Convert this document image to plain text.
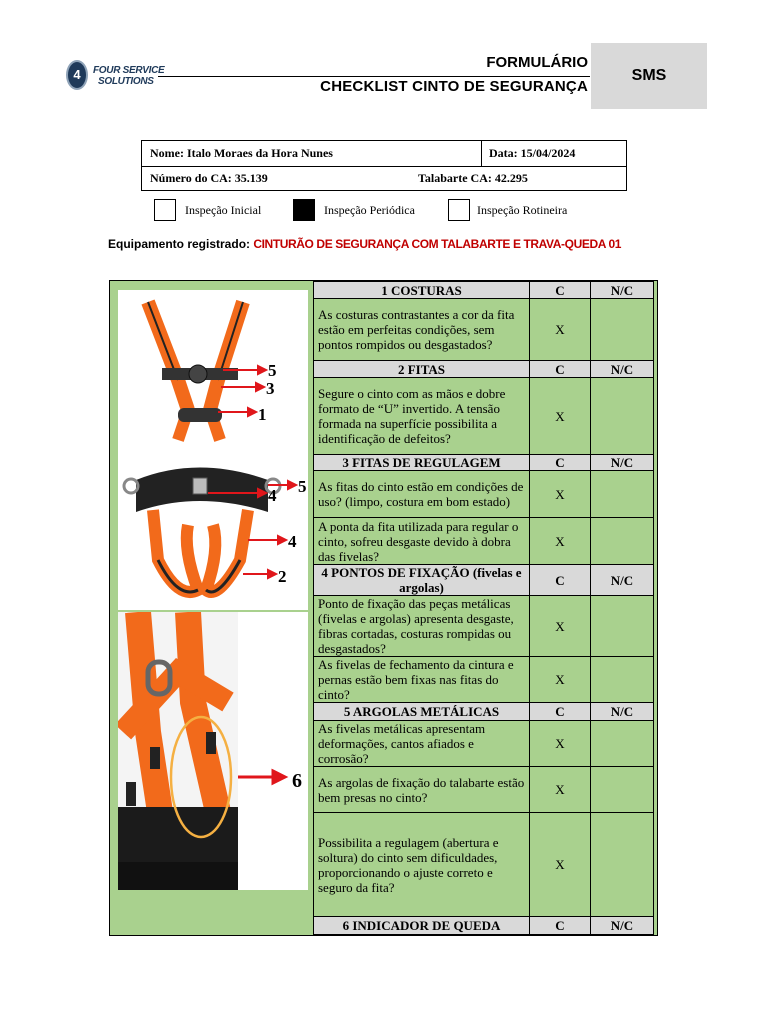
4	FOUR SERVICE
SOLUTIONS
FORMULÁRIO
CHECKLIST CINTO DE SEGURANÇA
SMS
Nome: Italo Moraes da Hora Nunes	Data: 15/04/2024
Número do CA: 35.139	Talabarte CA: 42.295
Inspeção Inicial	Inspeção Periódica	Inspeção Rotineira
Equipamento registrado: CINTURÃO DE SEGURANÇA COM TALABARTE E TRAVA-QUEDA 01
5
3
1
5
4
4
2
6
1 COSTURAS	C	N/C
As costuras contrastantes a cor da fita estão em perfeitas condições, sem pontos rompidos ou desgastados?	X	
2 FITAS	C	N/C
Segure o cinto com as mãos e dobre formato de “U” invertido. A tensão formada na superfície possibilita a identificação de defeitos?	X	
3 FITAS DE REGULAGEM	C	N/C
As fitas do cinto estão em condições de uso? (limpo, costura em bom estado)	X	
A ponta da fita utilizada para regular o cinto, sofreu desgaste devido à dobra das fivelas?	X	
4 PONTOS DE FIXAÇÃO (fivelas e argolas)	C	N/C
Ponto de fixação das peças metálicas (fivelas e argolas) apresenta desgaste, fibras cortadas, costuras rompidas ou desgastados?	X	
As fivelas de fechamento da cintura e pernas estão bem fixas nas fitas do cinto?	X	
5 ARGOLAS METÁLICAS	C	N/C
As fivelas metálicas apresentam deformações, cantos afiados e corrosão?	X	
As argolas de fixação do talabarte estão bem presas no cinto?	X	
Possibilita a regulagem (abertura e soltura) do cinto sem dificuldades, proporcionando o ajuste correto e seguro da fita?	X	
6 INDICADOR DE QUEDA	C	N/C
